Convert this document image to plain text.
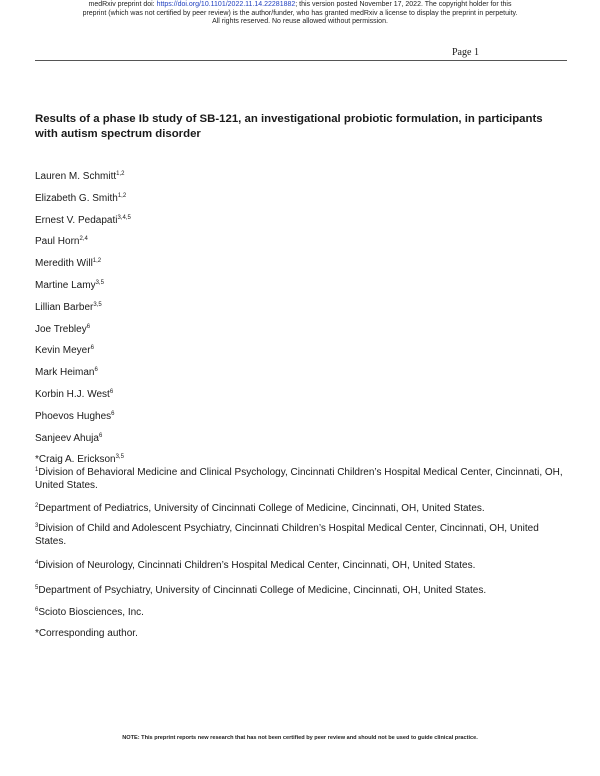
medRxiv preprint doi: https://doi.org/10.1101/2022.11.14.22281882; this version posted November 17, 2022. The copyright holder for this
preprint (which was not certified by peer review) is the author/funder, who has granted medRxiv a license to display the preprint in perpetuity.
All rights reserved. No reuse allowed without permission.
Page 1
Results of a phase Ib study of SB-121, an investigational probiotic formulation, in participants with autism spectrum disorder
Lauren M. Schmitt$^{1,2}$
Elizabeth G. Smith$^{1,2}$
Ernest V. Pedapati$^{3,4,5}$
Paul Horn$^{2,4}$
Meredith Will$^{1,2}$
Martine Lamy$^{3,5}$
Lillian Barber$^{3,5}$
Joe Trebley$^6$
Kevin Meyer$^6$
Mark Heiman$^6$
Korbin H.J. West$^6$
Phoevos Hughes$^6$
Sanjeev Ahuja$^6$
*Craig A. Erickson$^{3,5}$
$^1$Division of Behavioral Medicine and Clinical Psychology, Cincinnati Children’s Hospital Medical Center, Cincinnati, OH, United States.
$^2$Department of Pediatrics, University of Cincinnati College of Medicine, Cincinnati, OH, United States.
$^3$Division of Child and Adolescent Psychiatry, Cincinnati Children’s Hospital Medical Center, Cincinnati, OH, United States.
$^4$Division of Neurology, Cincinnati Children’s Hospital Medical Center, Cincinnati, OH, United States.
$^5$Department of Psychiatry, University of Cincinnati College of Medicine, Cincinnati, OH, United States.
$^6$Scioto Biosciences, Inc.
*Corresponding author.
NOTE: This preprint reports new research that has not been certified by peer review and should not be used to guide clinical practice.
